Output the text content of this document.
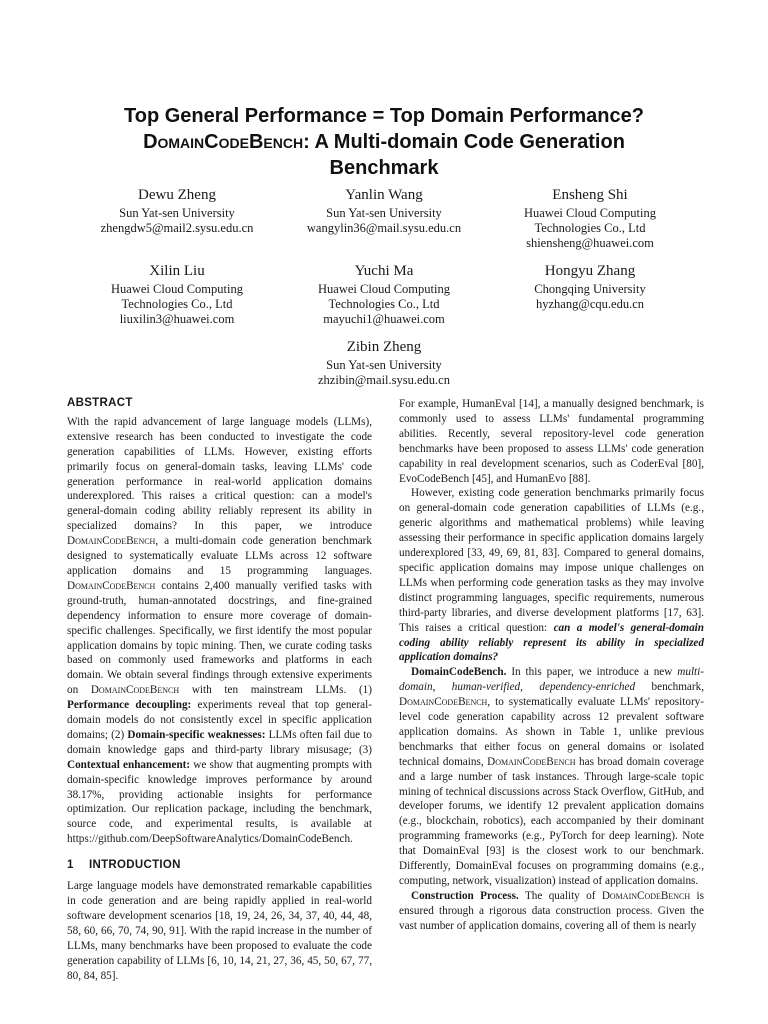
Top General Performance = Top Domain Performance?
DomainCodeBench: A Multi-domain Code Generation
Benchmark
Dewu Zheng
Sun Yat-sen University
zhengdw5@mail2.sysu.edu.cn
Yanlin Wang
Sun Yat-sen University
wangylin36@mail.sysu.edu.cn
Ensheng Shi
Huawei Cloud Computing
Technologies Co., Ltd
shiensheng@huawei.com
Xilin Liu
Huawei Cloud Computing
Technologies Co., Ltd
liuxilin3@huawei.com
Yuchi Ma
Huawei Cloud Computing
Technologies Co., Ltd
mayuchi1@huawei.com
Hongyu Zhang
Chongqing University
hyzhang@cqu.edu.cn
Zibin Zheng
Sun Yat-sen University
zhzibin@mail.sysu.edu.cn
ABSTRACT

With the rapid advancement of large language models (LLMs), extensive research has been conducted to investigate the code generation capabilities of LLMs. However, existing efforts primarily focus on general-domain tasks, leaving LLMs' code generation performance in real-world application domains underexplored. This raises a critical question: can a model's general-domain coding ability reliably represent its ability in specialized domains? In this paper, we introduce DomainCodeBench, a multi-domain code generation benchmark designed to systematically evaluate LLMs across 12 software application domains and 15 programming languages. DomainCodeBench contains 2,400 manually verified tasks with ground-truth, human-annotated docstrings, and fine-grained dependency information to ensure more coverage of domain-specific challenges. Specifically, we first identify the most popular application domains by topic mining. Then, we curate coding tasks based on commonly used frameworks and platforms in each domain. We obtain several findings through extensive experiments on DomainCodeBench with ten mainstream LLMs. (1) Performance decoupling: experiments reveal that top general-domain models do not consistently excel in specific application domains; (2) Domain-specific weaknesses: LLMs often fail due to domain knowledge gaps and third-party library misusage; (3) Contextual enhancement: we show that augmenting prompts with domain-specific knowledge improves performance by around 38.17%, providing actionable insights for performance optimization. Our replication package, including the benchmark, source code, and experimental results, is available at https://github.com/DeepSoftwareAnalytics/DomainCodeBench.

1 INTRODUCTION

Large language models have demonstrated remarkable capabilities in code generation and are being rapidly applied in real-world software development scenarios [18, 19, 24, 26, 34, 37, 40, 44, 48, 58, 60, 66, 70, 74, 90, 91]. With the rapid increase in the number of LLMs, many benchmarks have been proposed to evaluate the code generation capability of LLMs [6, 10, 14, 21, 27, 36, 45, 50, 67, 77, 80, 84, 85].

For example, HumanEval [14], a manually designed benchmark, is commonly used to assess LLMs' fundamental programming abilities. Recently, several repository-level code generation benchmarks have been proposed to assess LLMs' code generation capability in real development scenarios, such as CoderEval [80], EvoCodeBench [45], and HumanEvo [88].

However, existing code generation benchmarks primarily focus on general-domain code generation capabilities of LLMs (e.g., generic algorithms and mathematical problems) while leaving assessing their performance in specific application domains largely underexplored [33, 49, 69, 81, 83]. Compared to general domains, specific application domains may impose unique challenges on LLMs when performing code generation tasks as they may involve distinct programming languages, specific requirements, numerous third-party libraries, and diverse development platforms [17, 63]. This raises a critical question: can a model's general-domain coding ability reliably represent its ability in specialized application domains?

DomainCodeBench. In this paper, we introduce a new multi-domain, human-verified, dependency-enriched benchmark, DomainCodeBench, to systematically evaluate LLMs' repository-level code generation capability across 12 prevalent software application domains. As shown in Table 1, unlike previous benchmarks that either focus on general domains or isolated technical domains, DomainCodeBench has broad domain coverage and a large number of task instances. Through large-scale topic mining of technical discussions across Stack Overflow, GitHub, and developer forums, we identify 12 prevalent application domains (e.g., blockchain, robotics), each accompanied by their dominant programming frameworks (e.g., PyTorch for deep learning). Note that DomainEval [93] is the closest work to our benchmark. Differently, DomainEval focuses on programming domains (e.g., computing, network, visualization) instead of application domains.

Construction Process. The quality of DomainCodeBench is ensured through a rigorous data construction process. Given the vast number of application domains, covering all of them is nearly
